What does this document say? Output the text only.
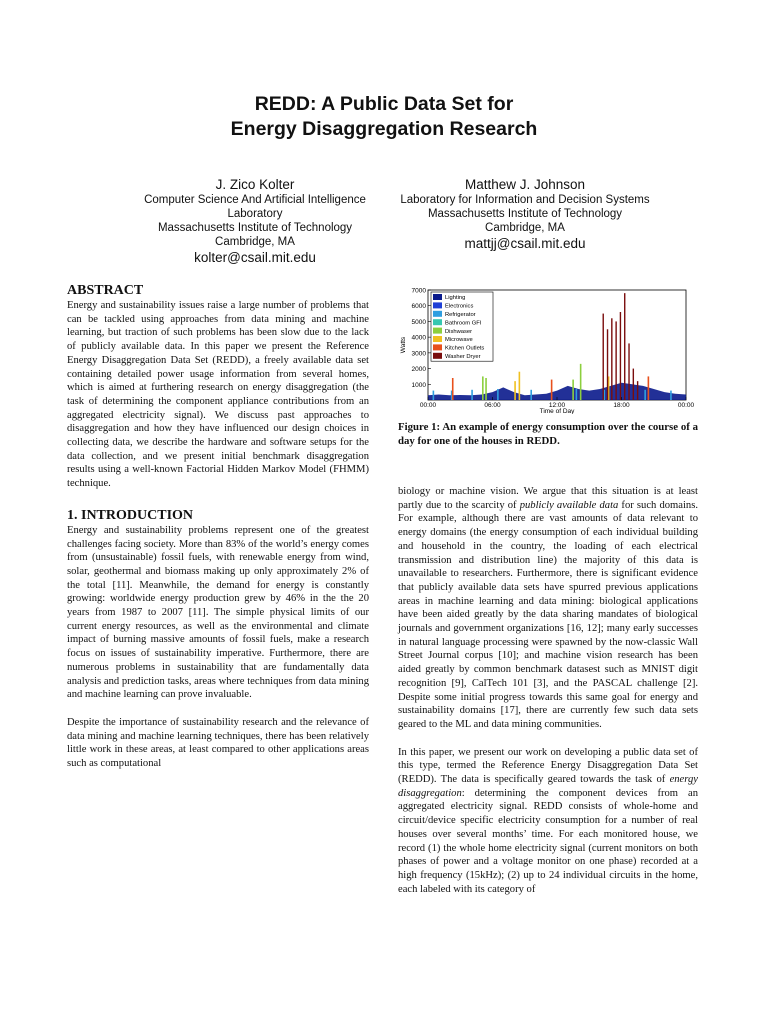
REDD: A Public Data Set for
Energy Disaggregation Research
J. Zico Kolter
Computer Science And Artificial Intelligence
Laboratory
Massachusetts Institute of Technology
Cambridge, MA
kolter@csail.mit.edu
Matthew J. Johnson
Laboratory for Information and Decision Systems
Massachusetts Institute of Technology
Cambridge, MA
mattjj@csail.mit.edu
ABSTRACT

Energy and sustainability issues raise a large number of problems that can be tackled using approaches from data mining and machine learning, but traction of such problems has been slow due to the lack of publicly available data. In this paper we present the Reference Energy Disaggregation Data Set (REDD), a freely available data set containing detailed power usage information from several homes, which is aimed at furthering research on energy disaggregation (the task of determining the component appliance contributions from an aggregated electricity signal). We discuss past approaches to disaggregation and how they have influenced our design choices in collecting data, we describe the hardware and software setups for the data collection, and we present initial benchmark disaggregation results using a well-known Factorial Hidden Markov Model (FHMM) technique.

1. INTRODUCTION

Energy and sustainability problems represent one of the greatest challenges facing society. More than 83% of the world’s energy comes from (unsustainable) fossil fuels, with renewable energy from wind, solar, geothermal and biomass making up only approximately 2% of the total [11]. Meanwhile, the demand for energy is constantly growing: worldwide energy production grew by 46% in the the 20 years from 1987 to 2007 [11]. The simple physical limits of our current energy resources, as well as the environmental and climate impact of burning massive amounts of fossil fuels, make a research focus on issues of sustainability imperative. Furthermore, there are numerous problems in sustainability that are fundamentally data analysis and prediction tasks, areas where techniques from data mining and machine learning can prove invaluable.

Despite the importance of sustainability research and the relevance of data mining and machine learning techniques, there has been relatively little work in these areas, at least compared to other applications areas such as computational

1000
2000
3000
4000
5000
6000
7000
00:00	06:00	12:00	18:00	00:00
Time of Day
Watts
Lighting
Electronics
Refrigerator
Bathroom GFI
Dishwaser
Microwave
Kitchen Outlets
Washer Dryer
Figure 1: An example of energy consumption over the course of a day for one of the houses in REDD.

biology or machine vision. We argue that this situation is at least partly due to the scarcity of publicly available data for such domains. For example, although there are vast amounts of data relevant to energy domains (the energy consumption of each individual building and household in the country, the loading of each electrical transmission and distribution line) the majority of this data is unavailable to researchers. Furthermore, there is significant evidence that publicly available data sets have spurred previous applications areas in machine learning and data mining: biological applications have been aided greatly by the data sharing mandates of biological journals and government organizations [16, 12]; many early successes in natural language processing were spawned by the now-classic Wall Street Journal corpus [10]; and machine vision research has been aided greatly by common benchmark datasest such as MNIST digit recognition [9], CalTech 101 [3], and the PASCAL challenge [2]. Despite some initial progress towards this same goal for energy and sustainability domains [17], there are currently few such data sets geared to the ML and data mining communities.

In this paper, we present our work on developing a public data set of this type, termed the Reference Energy Disaggregation Data Set (REDD). The data is specifically geared towards the task of energy disaggregation: determining the component devices from an aggregated electricity signal. REDD consists of whole-home and circuit/device specific electricity consumption for a number of real houses over several months’ time. For each monitored house, we record (1) the whole home electricity signal (current monitors on both phases of power and a voltage monitor on one phase) recorded at a high frequency (15kHz); (2) up to 24 individual circuits in the home, each labeled with its category of
